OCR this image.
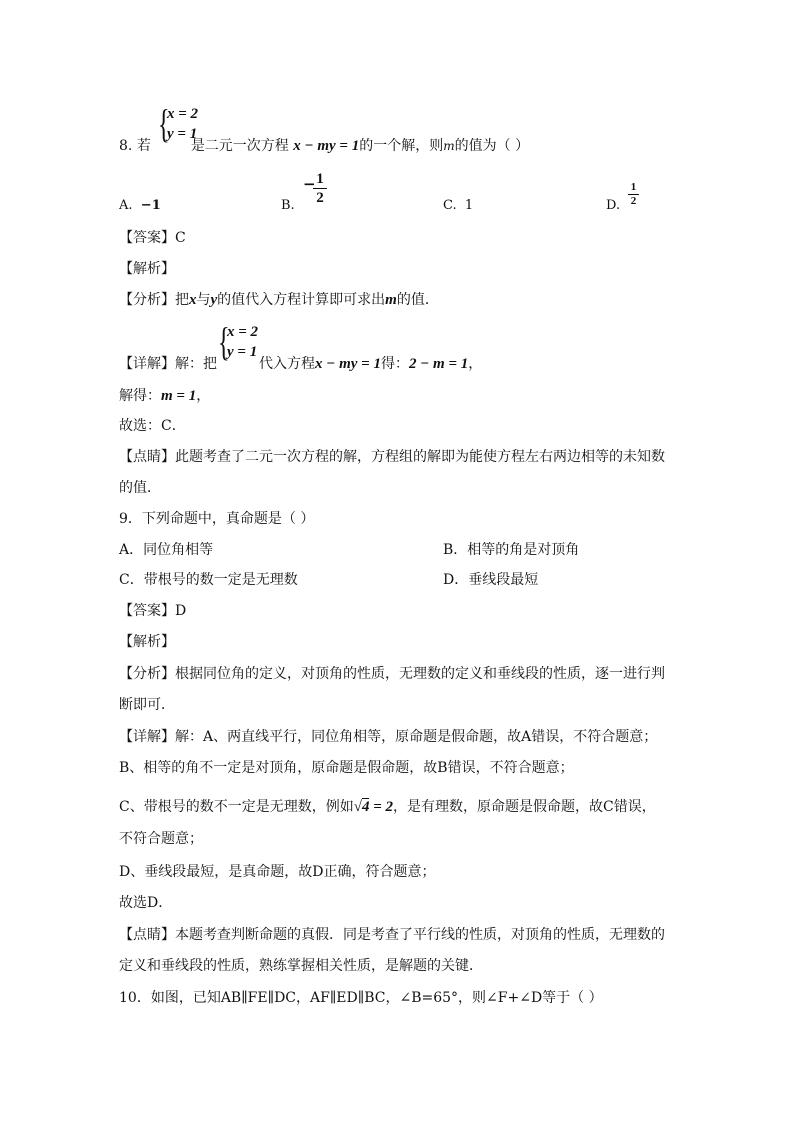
{
x = 2
y = 1
8. 若	是二元一次方程 x − my = 1的一个解，则m的值为（ ）
A. −1	B.
− 1
2	C. 1	D.
1
2
【答案】C
【解析】
【分析】把x与y的值代入方程计算即可求出m的值．
{
x = 2
y = 1
【详解】解：把	代入方程x − my = 1得：2 − m = 1，
解得：m = 1，
故选：C．
【点睛】此题考查了二元一次方程的解，方程组的解即为能使方程左右两边相等的未知数
的值．
9．下列命题中，真命题是（ ）
A．同位角相等	B．相等的角是对顶角
C．带根号的数一定是无理数	D．垂线段最短
【答案】D
【解析】
【分析】根据同位角的定义，对顶角的性质，无理数的定义和垂线段的性质，逐一进行判
断即可．
【详解】解：A、两直线平行，同位角相等，原命题是假命题，故A错误，不符合题意；
B、相等的角不一定是对顶角，原命题是假命题，故B错误，不符合题意；
C、带根号的数不一定是无理数，例如√4 = 2，是有理数，原命题是假命题，故C错误，
不符合题意；
D、垂线段最短，是真命题，故D正确，符合题意；
故选D．
【点睛】本题考查判断命题的真假．同是考查了平行线的性质，对顶角的性质，无理数的
定义和垂线段的性质，熟练掌握相关性质，是解题的关键．
10．如图，已知AB∥FE∥DC，AF∥ED∥BC，∠B=65°，则∠F+∠D等于（ ）
